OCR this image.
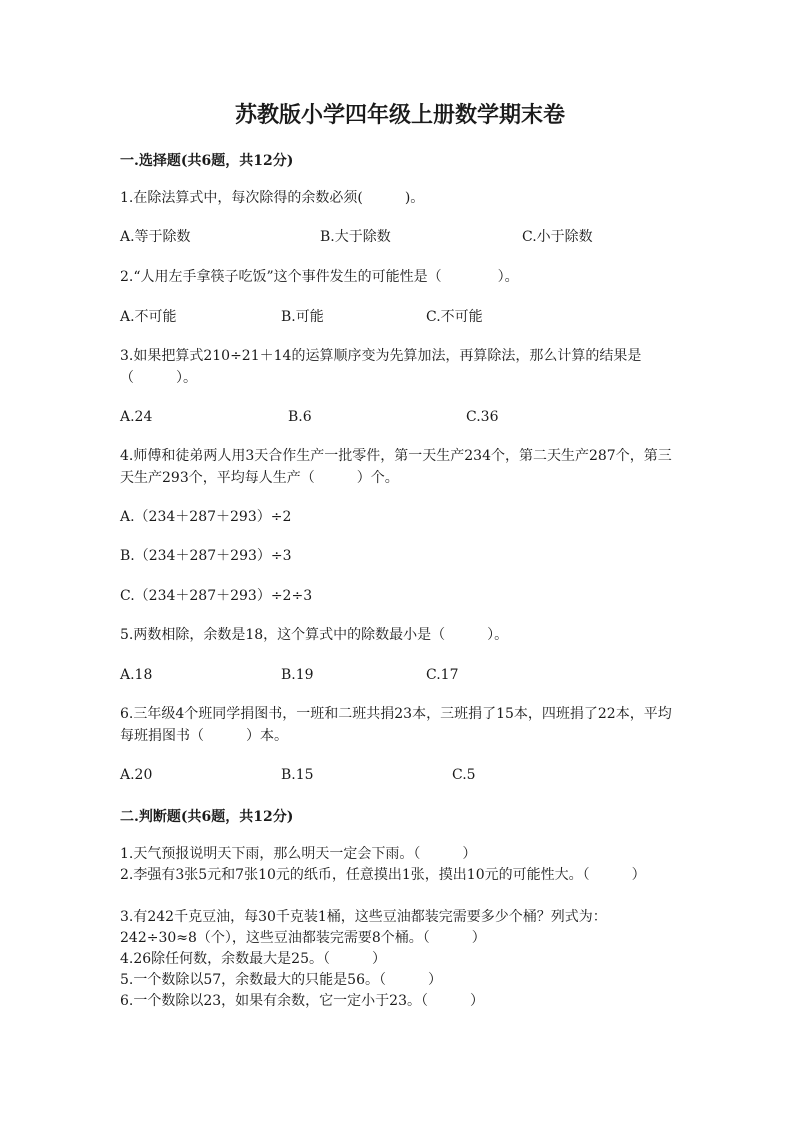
苏教版小学四年级上册数学期末卷
一.选择题(共6题，共12分)
1.在除法算式中，每次除得的余数必须(　　　)。
A.等于除数	B.大于除数	C.小于除数
2.“人用左手拿筷子吃饭”这个事件发生的可能性是（　　　　）。
A.不可能	B.可能	C.不可能
3.如果把算式210÷21＋14的运算顺序变为先算加法，再算除法，那么计算的结果是（　　　）。
A.24	B.6	C.36
4.师傅和徒弟两人用3天合作生产一批零件，第一天生产234个，第二天生产287个，第三天生产293个，平均每人生产（　　　）个。
A.（234＋287＋293）÷2
B.（234＋287＋293）÷3
C.（234＋287＋293）÷2÷3
5.两数相除，余数是18，这个算式中的除数最小是（　　　）。
A.18	B.19	C.17
6.三年级4个班同学捐图书，一班和二班共捐23本，三班捐了15本，四班捐了22本，平均每班捐图书（　　　）本。
A.20	B.15	C.5
二.判断题(共6题，共12分)
1.天气预报说明天下雨，那么明天一定会下雨。（　　　）
2.李强有3张5元和7张10元的纸币，任意摸出1张，摸出10元的可能性大。（　　　）
3.有242千克豆油，每30千克装1桶，这些豆油都装完需要多少个桶？列式为：242÷30≈8（个），这些豆油都装完需要8个桶。（　　　）
4.26除任何数，余数最大是25。（　　　）
5.一个数除以57，余数最大的只能是56。（　　　）
6.一个数除以23，如果有余数，它一定小于23。（　　　）
